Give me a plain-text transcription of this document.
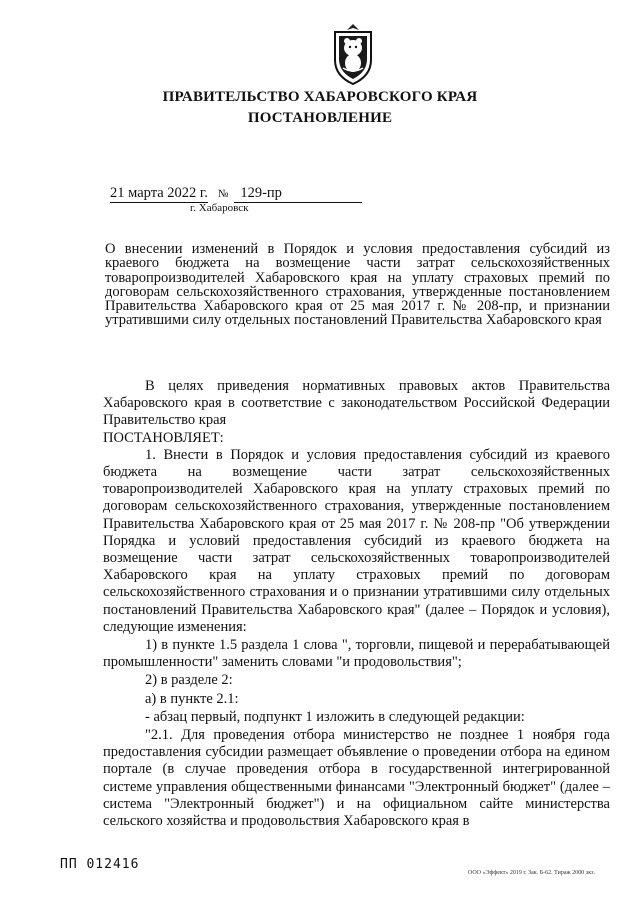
ПРАВИТЕЛЬСТВО ХАБАРОВСКОГО КРАЯ
ПОСТАНОВЛЕНИЕ
21 марта 2022 г. № 129-пр
г. Хабаровск
О внесении изменений в Порядок и условия предоставления субсидий из краевого бюджета на возмещение части затрат сельскохозяйственных товаропроизводителей Хабаровского края на уплату страховых премий по договорам сельскохозяйственного страхования, утвержденные постановлением Правительства Хабаровского края от 25 мая 2017 г. № 208-пр, и признании утратившими силу отдельных постановлений Правительства Хабаровского края

В целях приведения нормативных правовых актов Правительства Хабаровского края в соответствие с законодательством Российской Федерации Правительство края

ПОСТАНОВЛЯЕТ:

1. Внести в Порядок и условия предоставления субсидий из краевого бюджета на возмещение части затрат сельскохозяйственных товаропроизводителей Хабаровского края на уплату страховых премий по договорам сельскохозяйственного страхования, утвержденные постановлением Правительства Хабаровского края от 25 мая 2017 г. № 208-пр "Об утверждении Порядка и условий предоставления субсидий из краевого бюджета на возмещение части затрат сельскохозяйственных товаропроизводителей Хабаровского края на уплату страховых премий по договорам сельскохозяйственного страхования и о признании утратившими силу отдельных постановлений Правительства Хабаровского края" (далее – Порядок и условия), следующие изменения:

1) в пункте 1.5 раздела 1 слова ", торговли, пищевой и перерабатывающей промышленности" заменить словами "и продовольствия";

2) в разделе 2:

а) в пункте 2.1:

- абзац первый, подпункт 1 изложить в следующей редакции:

"2.1. Для проведения отбора министерство не позднее 1 ноября года предоставления субсидии размещает объявление о проведении отбора на едином портале (в случае проведения отбора в государственной интегрированной системе управления общественными финансами "Электронный бюджет" (далее – система "Электронный бюджет") и на официальном сайте министерства сельского хозяйства и продовольствия Хабаровского края в

ПП 012416
ООО «Эффект» 2019 г. Зак. Б-62. Тираж 2000 экз.
